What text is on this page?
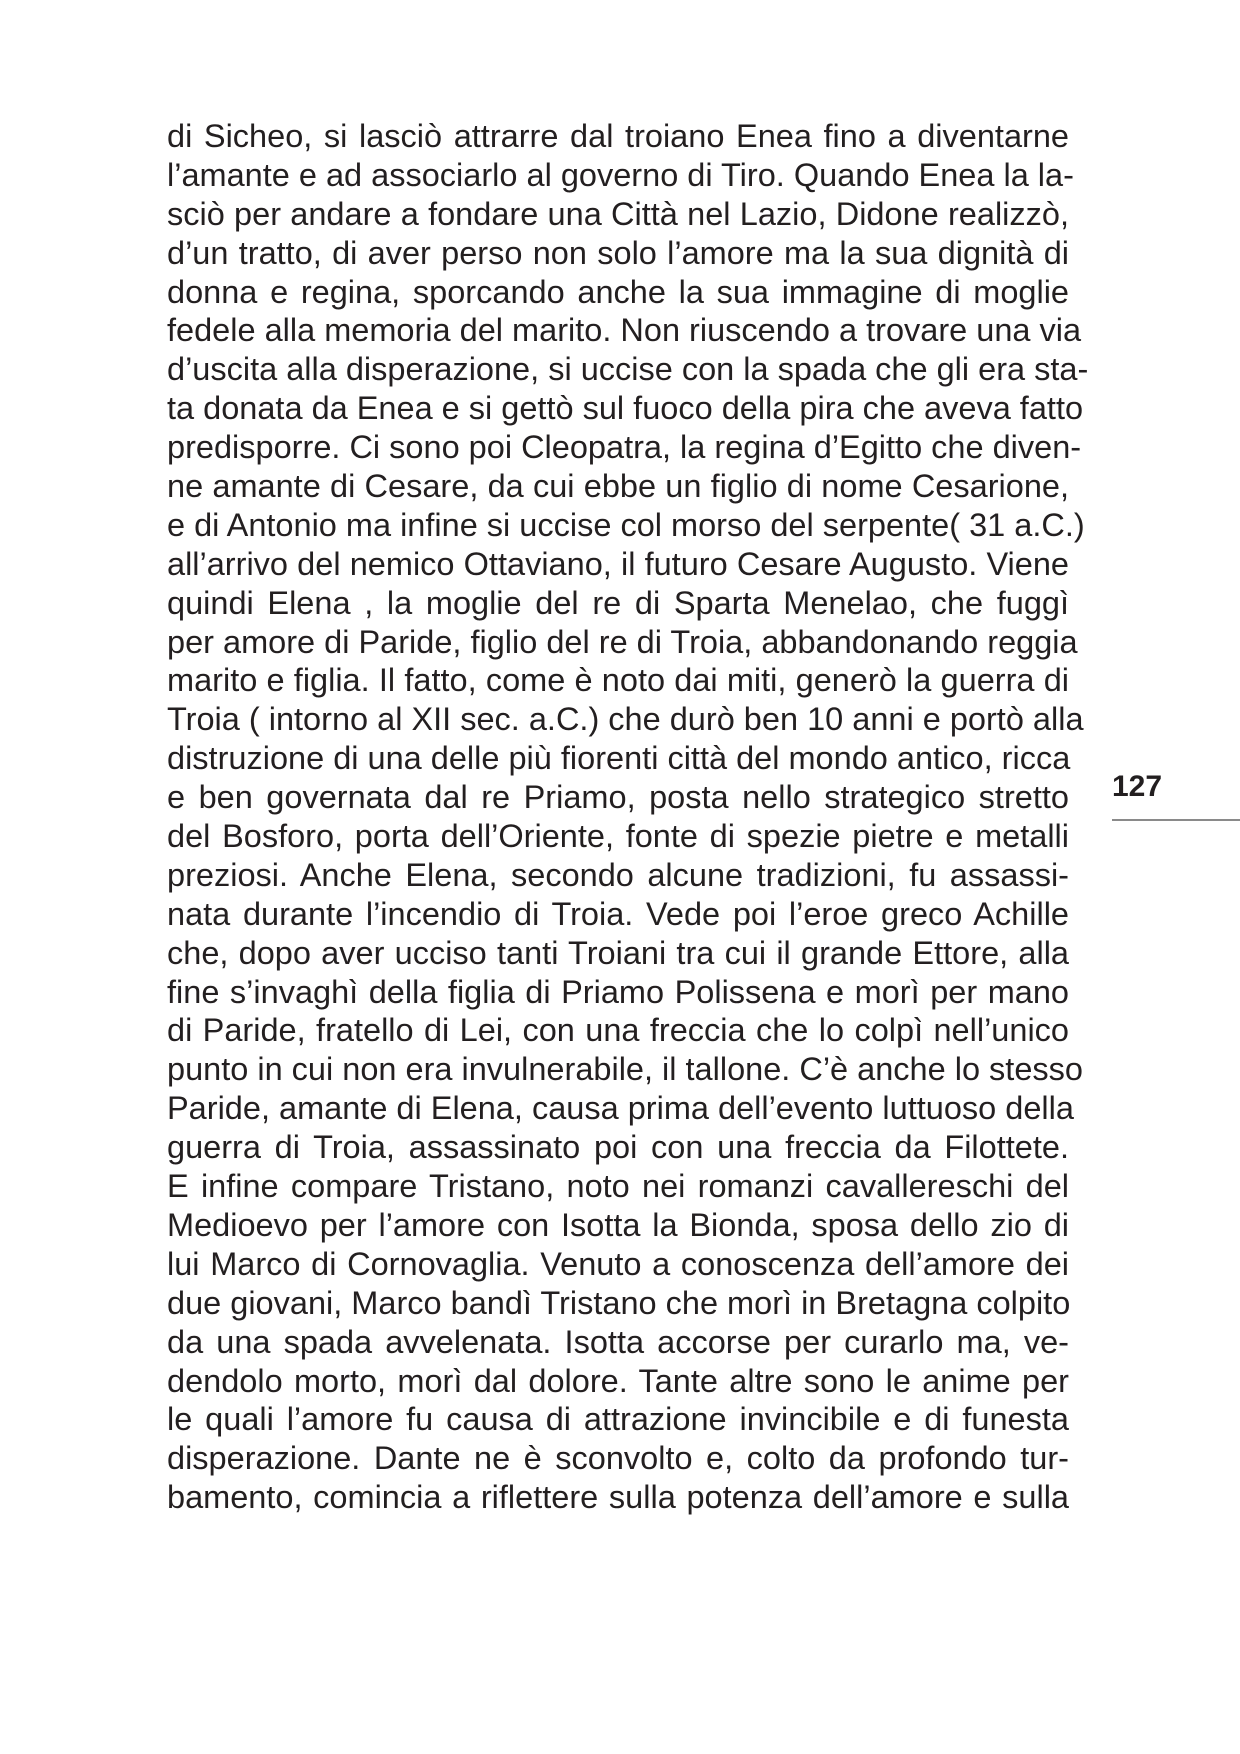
di Sicheo, si lasciò attrarre dal troiano Enea fino a diventarne
l’amante e ad associarlo al governo di Tiro. Quando Enea la la-
sciò per andare a fondare una Città nel Lazio, Didone realizzò,
d’un tratto, di aver perso non solo l’amore ma la sua dignità di
donna e regina, sporcando anche la sua immagine di moglie
fedele alla memoria del marito. Non riuscendo a trovare una via
d’uscita alla disperazione, si uccise con la spada che gli era sta-
ta donata da Enea e si gettò sul fuoco della pira che aveva fatto
predisporre. Ci sono poi Cleopatra, la regina d’Egitto che diven-
ne amante di Cesare, da cui ebbe un figlio di nome Cesarione,
e di Antonio ma infine si uccise col morso del serpente( 31 a.C.)
all’arrivo del nemico Ottaviano, il futuro Cesare Augusto. Viene
quindi Elena , la moglie del re di Sparta Menelao, che fuggì
per amore di Paride, figlio del re di Troia, abbandonando reggia
marito e figlia. Il fatto, come è noto dai miti, generò la guerra di
Troia ( intorno al XII sec. a.C.) che durò ben 10 anni e portò alla
distruzione di una delle più fiorenti città del mondo antico, ricca
e ben governata dal re Priamo, posta nello strategico stretto
del Bosforo, porta dell’Oriente, fonte di spezie pietre e metalli
preziosi. Anche Elena, secondo alcune tradizioni, fu assassi-
nata durante l’incendio di Troia. Vede poi l’eroe greco Achille
che, dopo aver ucciso tanti Troiani tra cui il grande Ettore, alla
fine s’invaghì della figlia di Priamo Polissena e morì per mano
di Paride, fratello di Lei, con una freccia che lo colpì nell’unico
punto in cui non era invulnerabile, il tallone. C’è anche lo stesso
Paride, amante di Elena, causa prima dell’evento luttuoso della
guerra di Troia, assassinato poi con una freccia da Filottete.
E infine compare Tristano, noto nei romanzi cavallereschi del
Medioevo per l’amore con Isotta la Bionda, sposa dello zio di
lui Marco di Cornovaglia. Venuto a conoscenza dell’amore dei
due giovani, Marco bandì Tristano che morì in Bretagna colpito
da una spada avvelenata. Isotta accorse per curarlo ma, ve-
dendolo morto, morì dal dolore. Tante altre sono le anime per
le quali l’amore fu causa di attrazione invincibile e di funesta
disperazione. Dante ne è sconvolto e, colto da profondo tur-
bamento, comincia a riflettere sulla potenza dell’amore e sulla
127
